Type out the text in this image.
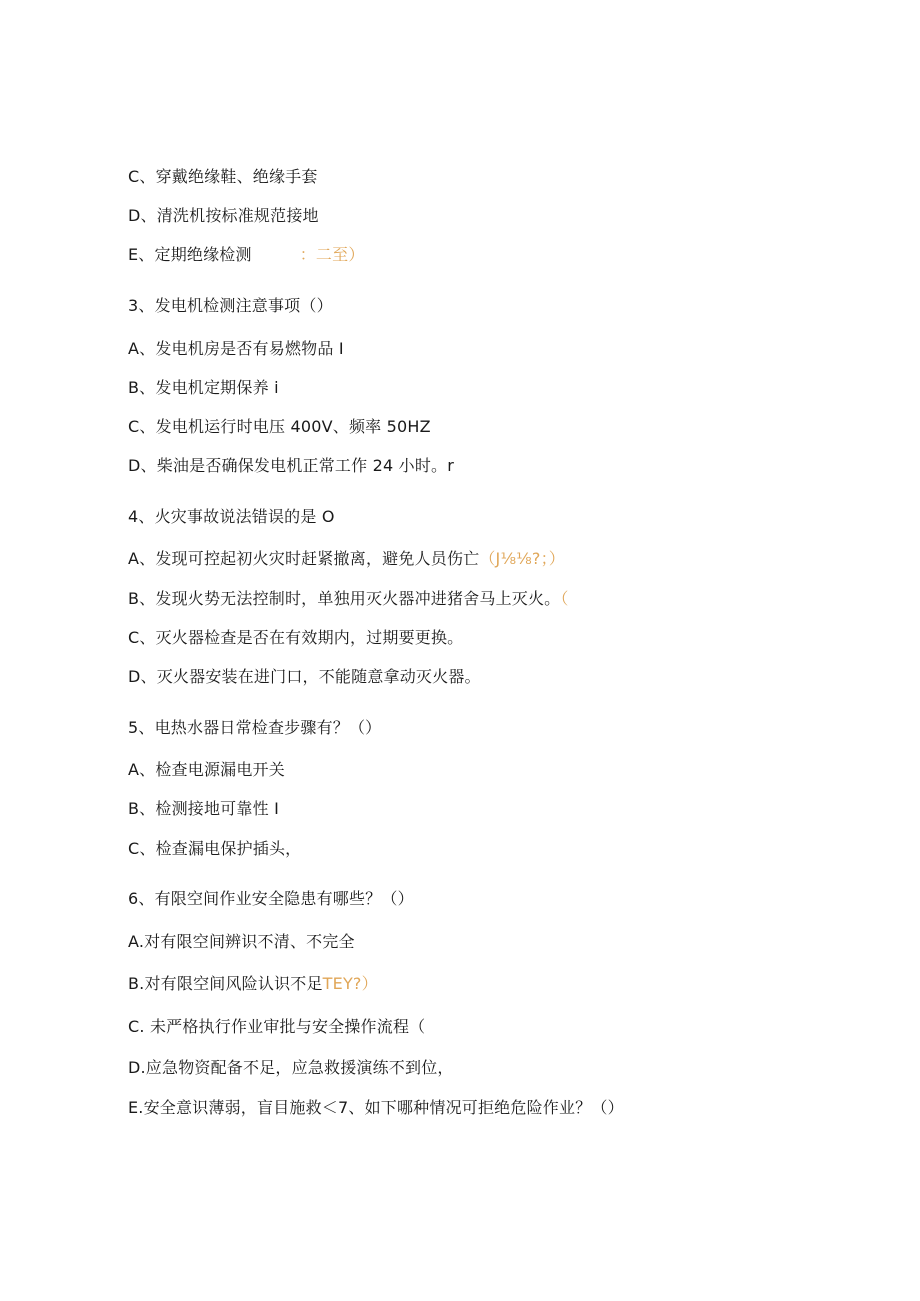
C、穿戴绝缘鞋、绝缘手套
D、清洗机按标准规范接地
E、定期绝缘检测	：二至）
3、发电机检测注意事项（）
A、发电机房是否有易燃物品 I
B、发电机定期保养 i
C、发电机运行时电压 400V、频率 50HZ
D、柴油是否确保发电机正常工作 24 小时。r
4、火灾事故说法错误的是 O
A、发现可控起初火灾时赶紧撤离，避免人员伤亡（J⅛⅛?；）
B、发现火势无法控制时，单独用灭火器冲进猪舍马上灭火。（
C、灭火器检查是否在有效期内，过期要更换。
D、灭火器安装在进门口，不能随意拿动灭火器。
5、电热水器日常检查步骤有？（）
A、检查电源漏电开关
B、检测接地可靠性 I
C、检查漏电保护插头，
6、有限空间作业安全隐患有哪些？（）
A.对有限空间辨识不清、不完全
B.对有限空间风险认识不足TEY?）
C. 未严格执行作业审批与安全操作流程（
D.应急物资配备不足，应急救援演练不到位，
E.安全意识薄弱，盲目施救＜7、如下哪种情况可拒绝危险作业？（）
